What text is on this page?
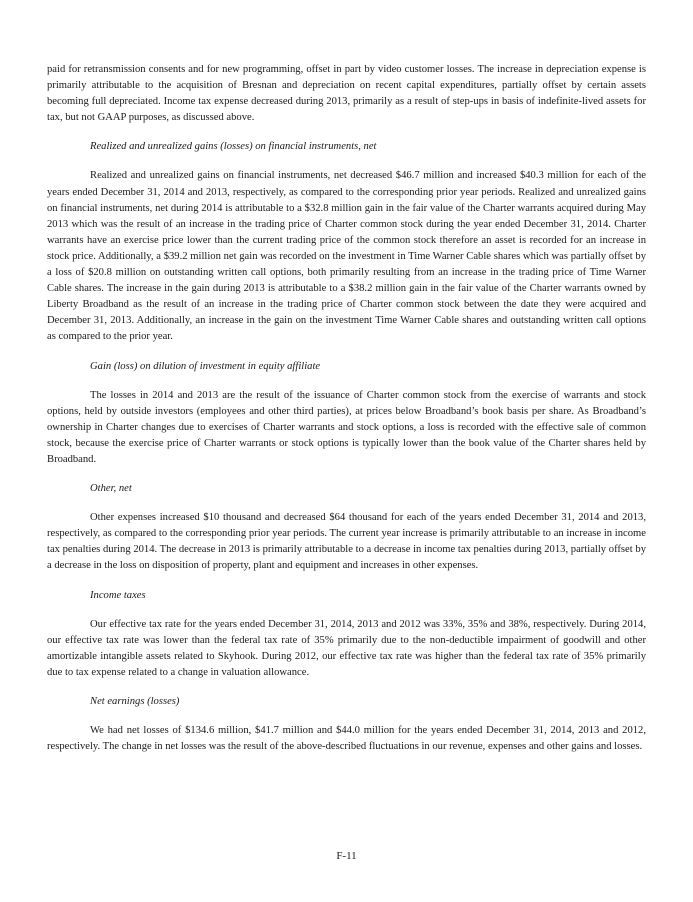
paid for retransmission consents and for new programming, offset in part by video customer losses. The increase in depreciation expense is primarily attributable to the acquisition of Bresnan and depreciation on recent capital expenditures, partially offset by certain assets becoming full depreciated. Income tax expense decreased during 2013, primarily as a result of step-ups in basis of indefinite-lived assets for tax, but not GAAP purposes, as discussed above.

Realized and unrealized gains (losses) on financial instruments, net

Realized and unrealized gains on financial instruments, net decreased $46.7 million and increased $40.3 million for each of the years ended December 31, 2014 and 2013, respectively, as compared to the corresponding prior year periods. Realized and unrealized gains on financial instruments, net during 2014 is attributable to a $32.8 million gain in the fair value of the Charter warrants acquired during May 2013 which was the result of an increase in the trading price of Charter common stock during the year ended December 31, 2014. Charter warrants have an exercise price lower than the current trading price of the common stock therefore an asset is recorded for an increase in stock price. Additionally, a $39.2 million net gain was recorded on the investment in Time Warner Cable shares which was partially offset by a loss of $20.8 million on outstanding written call options, both primarily resulting from an increase in the trading price of Time Warner Cable shares. The increase in the gain during 2013 is attributable to a $38.2 million gain in the fair value of the Charter warrants owned by Liberty Broadband as the result of an increase in the trading price of Charter common stock between the date they were acquired and December 31, 2013. Additionally, an increase in the gain on the investment Time Warner Cable shares and outstanding written call options as compared to the prior year.

Gain (loss) on dilution of investment in equity affiliate

The losses in 2014 and 2013 are the result of the issuance of Charter common stock from the exercise of warrants and stock options, held by outside investors (employees and other third parties), at prices below Broadband’s book basis per share. As Broadband’s ownership in Charter changes due to exercises of Charter warrants and stock options, a loss is recorded with the effective sale of common stock, because the exercise price of Charter warrants or stock options is typically lower than the book value of the Charter shares held by Broadband.

Other, net

Other expenses increased $10 thousand and decreased $64 thousand for each of the years ended December 31, 2014 and 2013, respectively, as compared to the corresponding prior year periods. The current year increase is primarily attributable to an increase in income tax penalties during 2014. The decrease in 2013 is primarily attributable to a decrease in income tax penalties during 2013, partially offset by a decrease in the loss on disposition of property, plant and equipment and increases in other expenses.

Income taxes

Our effective tax rate for the years ended December 31, 2014, 2013 and 2012 was 33%, 35% and 38%, respectively. During 2014, our effective tax rate was lower than the federal tax rate of 35% primarily due to the non-deductible impairment of goodwill and other amortizable intangible assets related to Skyhook. During 2012, our effective tax rate was higher than the federal tax rate of 35% primarily due to tax expense related to a change in valuation allowance.

Net earnings (losses)

We had net losses of $134.6 million, $41.7 million and $44.0 million for the years ended December 31, 2014, 2013 and 2012, respectively. The change in net losses was the result of the above-described fluctuations in our revenue, expenses and other gains and losses.

F-11
